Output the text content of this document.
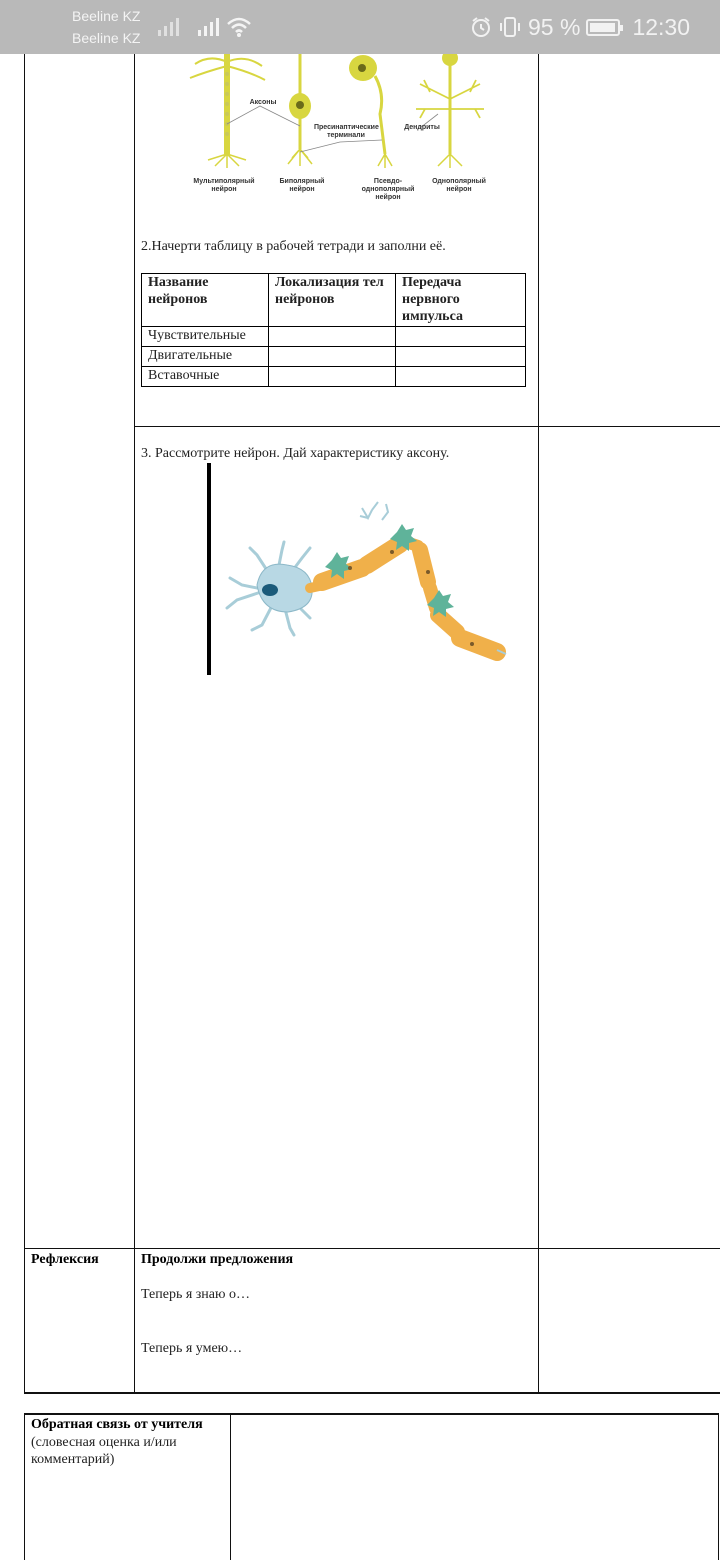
Beeline KZ
Beeline KZ	95 % 12:30
Аксоны
Пресинаптические терминали
Дендриты
Мультиполярный нейрон
Биполярный нейрон
Псевдо-однополярный нейрон
Однополярный нейрон
2.Начерти таблицу в рабочей тетради и заполни её.
Название нейронов	Локализация тел нейронов	Передача нервного импульса

Чувствительные		
Двигательные		
Вставочные		
3. Рассмотрите нейрон. Дай характеристику аксону.
Рефлексия	Продолжи предложения
Теперь я знаю о…
Теперь я умею…
Обратная связь от учителя
(словесная оценка и/или комментарий)
